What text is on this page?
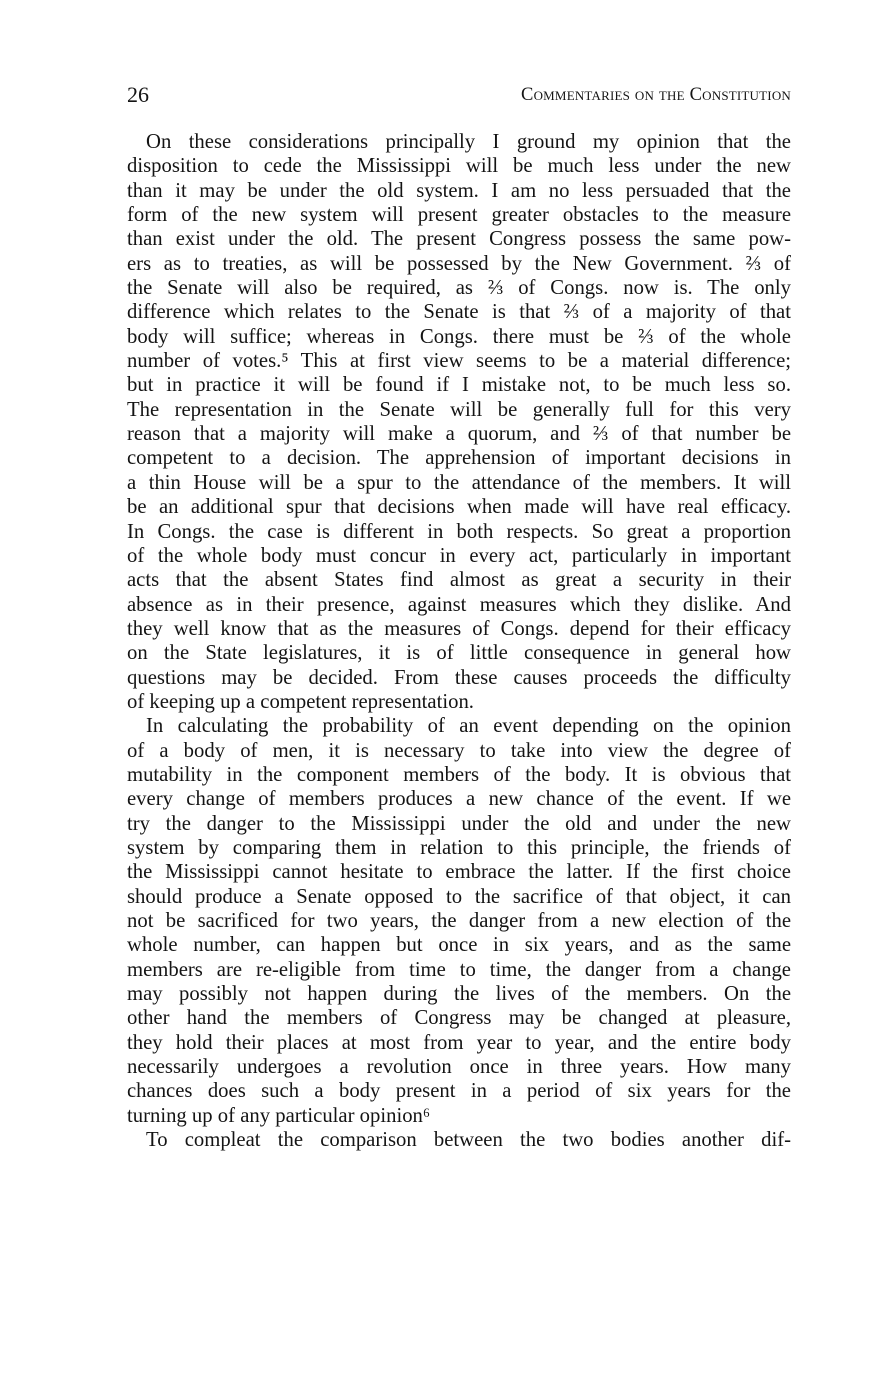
26	Commentaries on the Constitution
On these considerations principally I ground my opinion that the
disposition to cede the Mississippi will be much less under the new
than it may be under the old system. I am no less persuaded that the
form of the new system will present greater obstacles to the measure
than exist under the old. The present Congress possess the same pow-
ers as to treaties, as will be possessed by the New Government. ⅔ of
the Senate will also be required, as ⅔ of Congs. now is. The only
difference which relates to the Senate is that ⅔ of a majority of that
body will suffice; whereas in Congs. there must be ⅔ of the whole
number of votes.⁵ This at first view seems to be a material difference;
but in practice it will be found if I mistake not, to be much less so.
The representation in the Senate will be generally full for this very
reason that a majority will make a quorum, and ⅔ of that number be
competent to a decision. The apprehension of important decisions in
a thin House will be a spur to the attendance of the members. It will
be an additional spur that decisions when made will have real efficacy.
In Congs. the case is different in both respects. So great a proportion
of the whole body must concur in every act, particularly in important
acts that the absent States find almost as great a security in their
absence as in their presence, against measures which they dislike. And
they well know that as the measures of Congs. depend for their efficacy
on the State legislatures, it is of little consequence in general how
questions may be decided. From these causes proceeds the difficulty
of keeping up a competent representation.
In calculating the probability of an event depending on the opinion
of a body of men, it is necessary to take into view the degree of
mutability in the component members of the body. It is obvious that
every change of members produces a new chance of the event. If we
try the danger to the Mississippi under the old and under the new
system by comparing them in relation to this principle, the friends of
the Mississippi cannot hesitate to embrace the latter. If the first choice
should produce a Senate opposed to the sacrifice of that object, it can
not be sacrificed for two years, the danger from a new election of the
whole number, can happen but once in six years, and as the same
members are re-eligible from time to time, the danger from a change
may possibly not happen during the lives of the members. On the
other hand the members of Congress may be changed at pleasure,
they hold their places at most from year to year, and the entire body
necessarily undergoes a revolution once in three years. How many
chances does such a body present in a period of six years for the
turning up of any particular opinion⁶
To compleat the comparison between the two bodies another dif-
